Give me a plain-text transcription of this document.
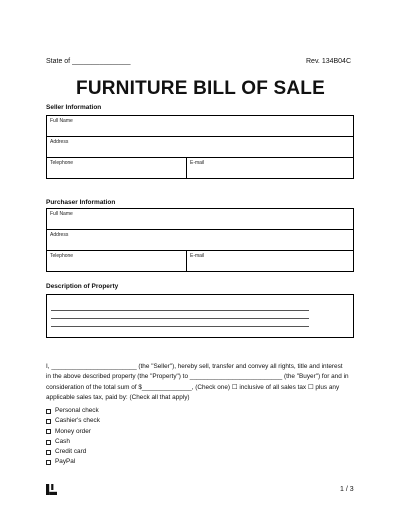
State of _______________	Rev. 134B04C
FURNITURE BILL OF SALE
Seller Information
Full Name
Address
Telephone	E-mail
Purchaser Information
Full Name
Address
Telephone	E-mail
Description of Property
I, ________________________ (the "Seller"), hereby sell, transfer and convey all rights, title and interest
in the above described property (the "Property") to __________________________ (the "Buyer") for and in
consideration of the total sum of $______________, (Check one) ☐ inclusive of all sales tax ☐ plus any
applicable sales tax, paid by: (Check all that apply)
Personal check
Cashier's check
Money order
Cash
Credit card
PayPal
1 / 3
